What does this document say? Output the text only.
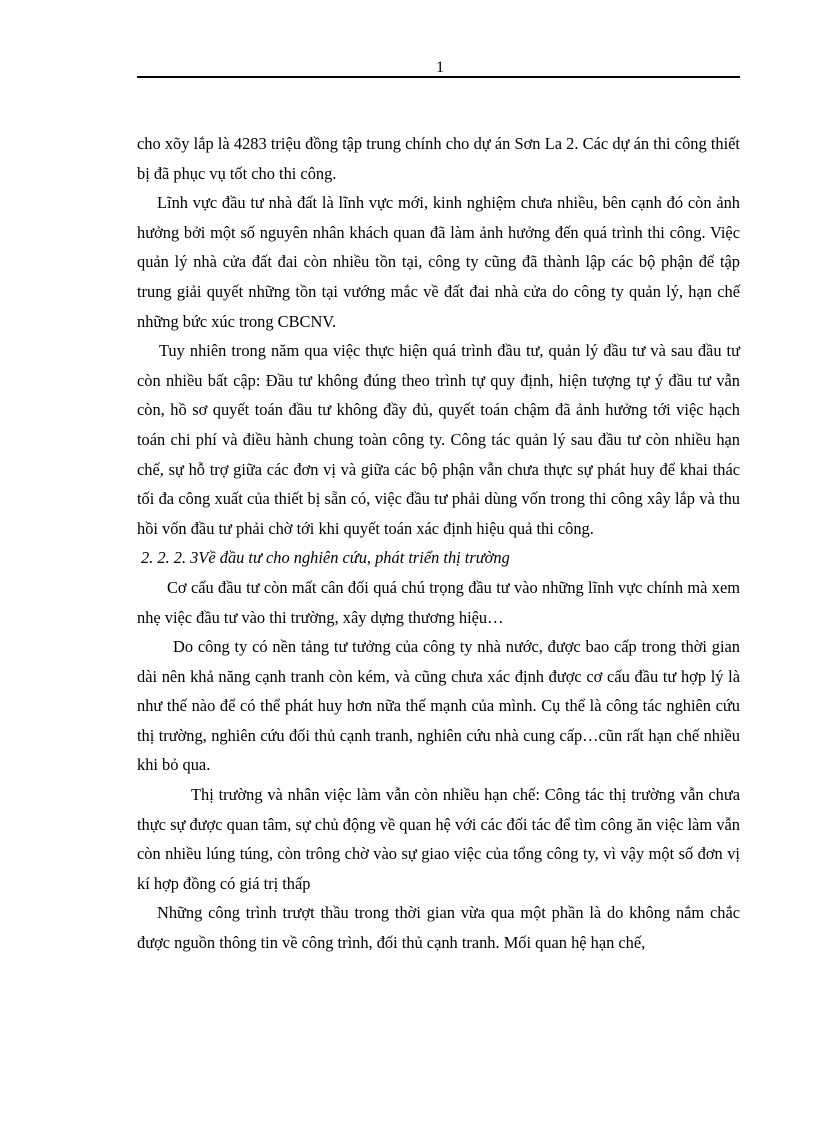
1

cho xõy lắp là 4283 triệu đồng tập trung chính cho dự án Sơn La 2. Các dự án thi công thiết bị đã phục vụ tốt cho thi công.

Lĩnh vực đầu tư nhà đất là lĩnh vực mới, kinh nghiệm chưa nhiều, bên cạnh đó còn ảnh hưởng bởi một số nguyên nhân khách quan đã làm ảnh hưởng đến quá trình thi công. Việc quản lý nhà cửa đất đai còn nhiều tồn tại, công ty cũng đã thành lập các bộ phận để tập trung giải quyết những tồn tại vướng mắc về đất đai nhà cửa do công ty quản lý, hạn chế những bức xúc trong CBCNV.

Tuy nhiên trong năm qua việc thực hiện quá trình đầu tư, quản lý đầu tư và sau đầu tư còn nhiều bất cập: Đầu tư không đúng theo trình tự quy định, hiện tượng tự ý đầu tư vẫn còn, hồ sơ quyết toán đầu tư không đầy đủ, quyết toán chậm đã ảnh hưởng tới việc hạch toán chi phí và điều hành chung toàn công ty. Công tác quản lý sau đầu tư còn nhiều hạn chế, sự hỗ trợ giữa các đơn vị và giữa các bộ phận vẫn chưa thực sự phát huy để khai thác tối đa công xuất của thiết bị sẵn có, việc đầu tư phải dùng vốn trong thi công xây lắp và thu hồi vốn đầu tư phải chờ tới khi quyết toán xác định hiệu quả thi công.

2. 2. 2. 3Về đầu tư cho nghiên cứu, phát triển thị trường

Cơ cấu đầu tư còn mất cân đối quá chú trọng đầu tư vào những lĩnh vực chính mà xem nhẹ việc đầu tư vào thi trường, xây dựng thương hiệu…

Do công ty có nền tảng tư tưởng của công ty nhà nước, được bao cấp trong thời gian dài nên khả năng cạnh tranh còn kém, và cũng chưa xác định được cơ cấu đầu tư hợp lý là như thế nào để có thể phát huy hơn nữa thế mạnh của mình. Cụ thể là công tác nghiên cứu thị trường, nghiên cứu đối thủ cạnh tranh, nghiên cứu nhà cung cấp…cũn rất hạn chế nhiều khi bỏ qua.

Thị trường và nhân việc làm vẫn còn nhiều hạn chế: Công tác thị trường vẫn chưa thực sự được quan tâm, sự chủ động về quan hệ với các đối tác để tìm công ăn việc làm vẫn còn nhiều lúng túng, còn trông chờ vào sự giao việc của tổng công ty, vì vậy một số đơn vị kí hợp đồng có giá trị thấp

Những công trình trượt thầu trong thời gian vừa qua một phần là do không nắm chắc được nguồn thông tin về công trình, đối thủ cạnh tranh. Mối quan hệ hạn chế,
